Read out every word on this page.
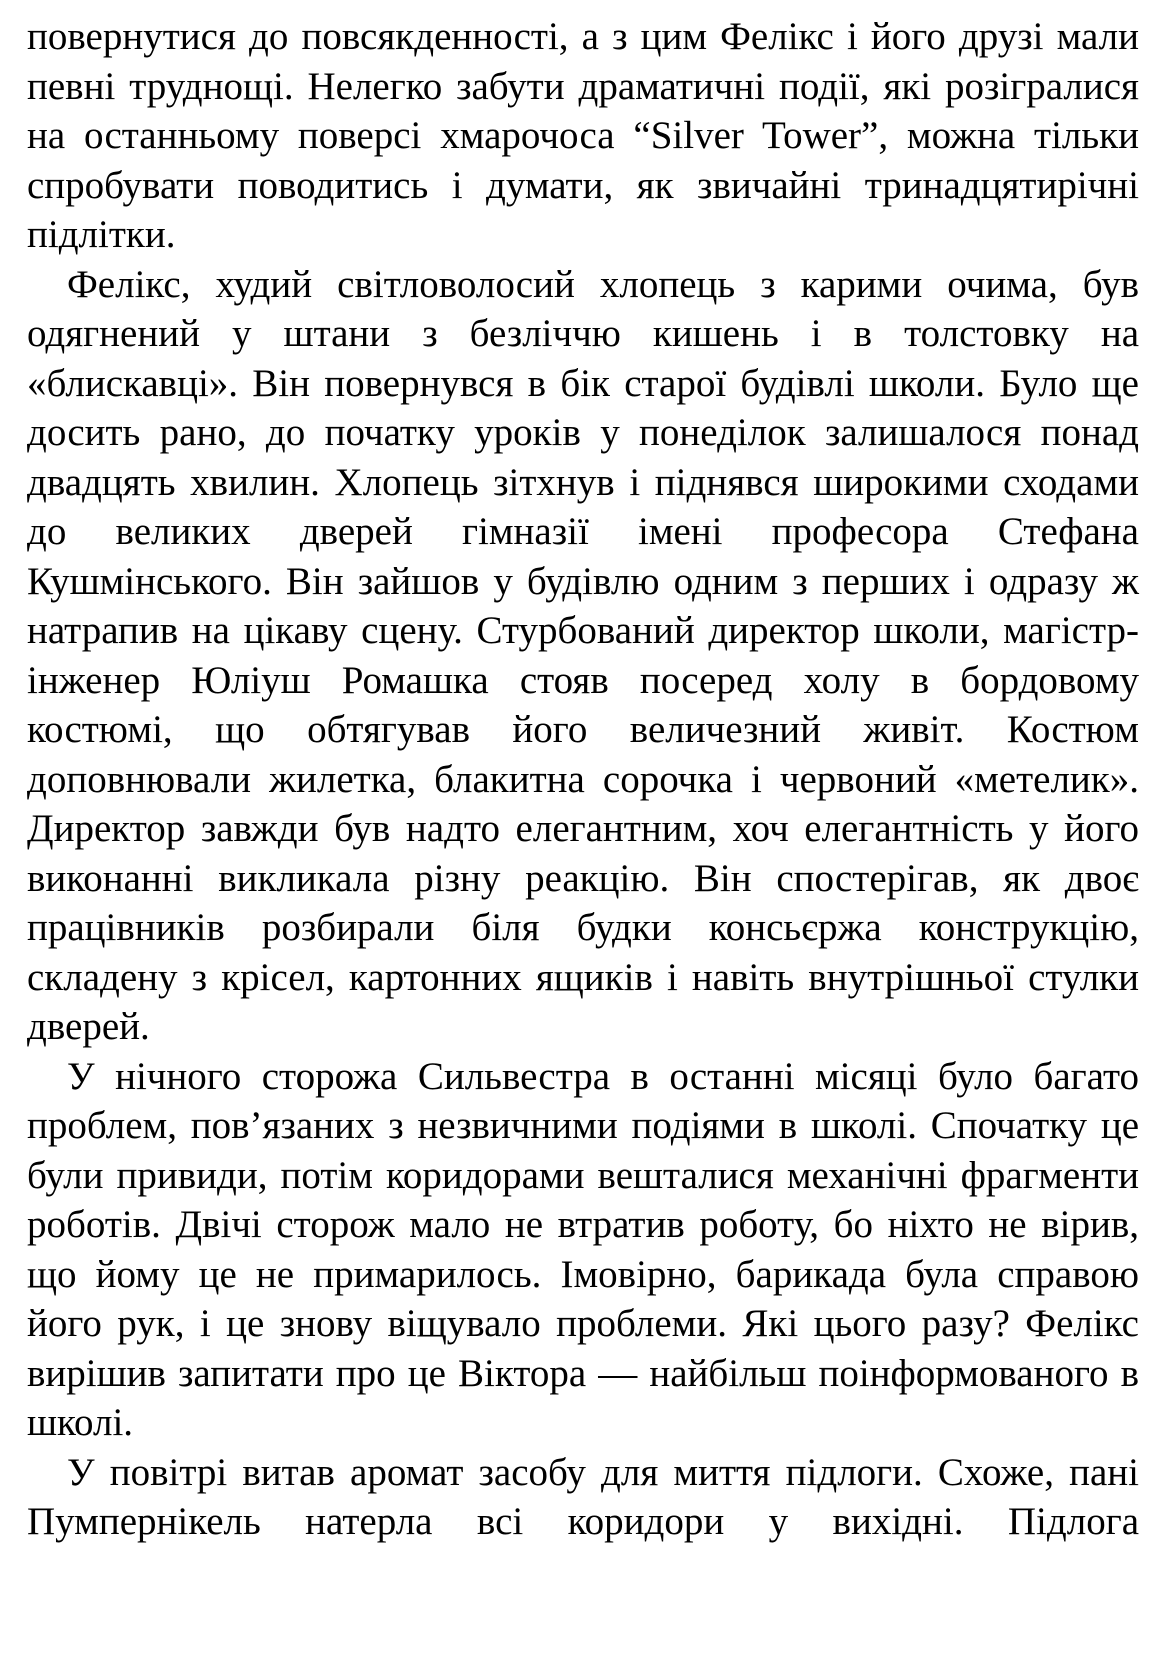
повернутися до повсякденності, а з цим Фелікс і його друзі мали певні труднощі. Нелегко забути драматичні події, які розігралися на останньому поверсі хмарочоса “Silver Tower”, можна тільки спробувати поводитись і думати, як звичайні тринадцятирічні підлітки.

Фелікс, худий світловолосий хлопець з карими очима, був одягнений у штани з безліччю кишень і в толстовку на «блискавці». Він повернувся в бік старої будівлі школи. Було ще досить рано, до початку уроків у понеділок залишалося понад двадцять хвилин. Хлопець зітхнув і піднявся широкими сходами до великих дверей гімназії імені професора Стефана Кушмінського. Він зайшов у будівлю одним з перших і одразу ж натрапив на цікаву сцену. Стурбований директор школи, магістр-інженер Юліуш Ромашка стояв посеред холу в бордовому костюмі, що обтягував його величезний живіт. Костюм доповнювали жилетка, блакитна сорочка і червоний «метелик». Директор завжди був надто елегантним, хоч елегантність у його виконанні викликала різну реакцію. Він спостерігав, як двоє працівників розбирали біля будки консьєржа конструкцію, складену з крісел, картонних ящиків і навіть внутрішньої стулки дверей.

У нічного сторожа Сильвестра в останні місяці було багато проблем, пов’язаних з незвичними подіями в школі. Спочатку це були привиди, потім коридорами вешталися механічні фрагменти роботів. Двічі сторож мало не втратив роботу, бо ніхто не вірив, що йому це не примарилось. Імовірно, барикада була справою його рук, і це знову віщувало проблеми. Які цього разу? Фелікс вирішив запитати про це Віктора — найбільш поінформованого в школі.

У повітрі витав аромат засобу для миття підлоги. Схоже, пані Пумпернікель натерла всі коридори у вихідні. Підлога
